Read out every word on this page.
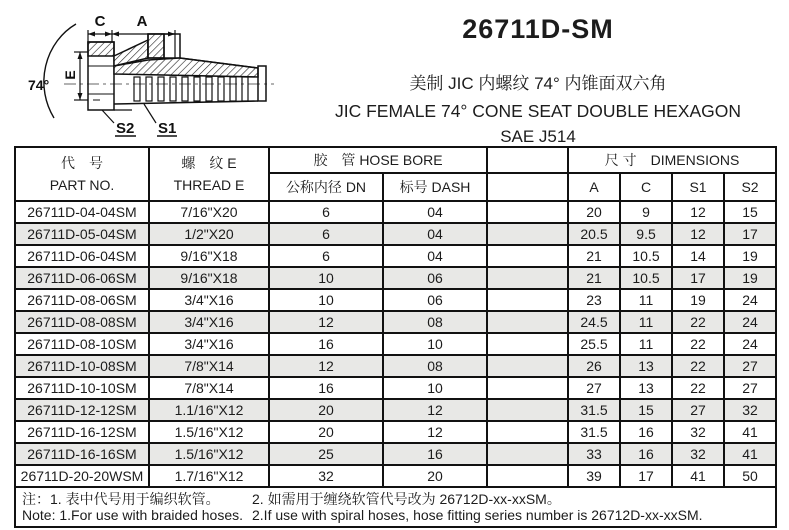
C A
74°
E
S2 S1
26711D-SM
美制 JIC 内螺纹 74° 内锥面双六角
JIC FEMALE 74° CONE SEAT DOUBLE HEXAGON
SAE J514
代　号
PART NO.

螺　纹 E
THREAD E
	胶　管 HOSE BORE		尺 寸　DIMENSIONS
		公称内径 DN	标号 DASH		A	C	S1	S2
26711D-04-04SM	7/16"X20	6	04		20	9	12	15
26711D-05-04SM	1/2"X20	6	04		20.5	9.5	12	17
26711D-06-04SM	9/16"X18	6	04		21	10.5	14	19
26711D-06-06SM	9/16"X18	10	06		21	10.5	17	19
26711D-08-06SM	3/4"X16	10	06		23	11	19	24
26711D-08-08SM	3/4"X16	12	08		24.5	11	22	24
26711D-08-10SM	3/4"X16	16	10		25.5	11	22	24
26711D-10-08SM	7/8"X14	12	08		26	13	22	27
26711D-10-10SM	7/8"X14	16	10		27	13	22	27
26711D-12-12SM	1.1/16"X12	20	12		31.5	15	27	32
26711D-16-12SM	1.5/16"X12	20	12		31.5	16	32	41
26711D-16-16SM	1.5/16"X12	25	16		33	16	32	41
26711D-20-20WSM	1.7/16"X12	32	20		39	17	41	50

注：1. 表中代号用于编织软管。 2. 如需用于缠绕软管代号改为 26712D-xx-xxSM。
Note: 1.For use with braided hoses. 2.If use with spiral hoses, hose fitting series number is 26712D-xx-xxSM.								
